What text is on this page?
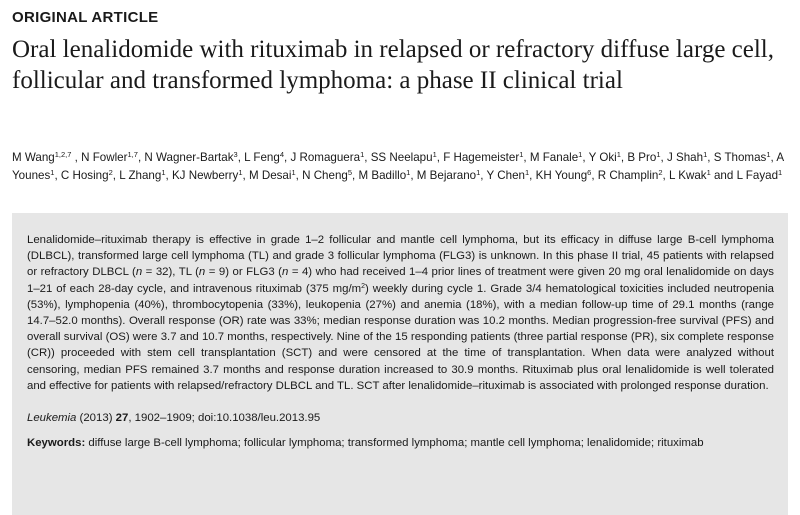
ORIGINAL ARTICLE
Oral lenalidomide with rituximab in relapsed or refractory diffuse large cell, follicular and transformed lymphoma: a phase II clinical trial
M Wang$^{1,2,7}$ , N Fowler$^{1,7}$, N Wagner-Bartak$^3$, L Feng$^4$, J Romaguera$^1$, SS Neelapu$^1$, F Hagemeister$^1$, M Fanale$^1$, Y Oki$^1$, B Pro$^1$, J Shah$^1$, S Thomas$^1$, A Younes$^1$, C Hosing$^2$, L Zhang$^1$, KJ Newberry$^1$, M Desai$^1$, N Cheng$^5$, M Badillo$^1$, M Bejarano$^1$, Y Chen$^1$, KH Young$^6$, R Champlin$^2$, L Kwak$^1$ and L Fayad$^1$

Lenalidomide–rituximab therapy is effective in grade 1–2 follicular and mantle cell lymphoma, but its efficacy in diffuse large B-cell lymphoma (DLBCL), transformed large cell lymphoma (TL) and grade 3 follicular lymphoma (FLG3) is unknown. In this phase II trial, 45 patients with relapsed or refractory DLBCL (n = 32), TL (n = 9) or FLG3 (n = 4) who had received 1–4 prior lines of treatment were given 20 mg oral lenalidomide on days 1–21 of each 28-day cycle, and intravenous rituximab (375 $mg/m^2$) weekly during cycle 1. Grade 3/4 hematological toxicities included neutropenia (53%), lymphopenia (40%), thrombocytopenia (33%), leukopenia (27%) and anemia (18%), with a median follow-up time of 29.1 months (range 14.7–52.0 months). Overall response (OR) rate was 33%; median response duration was 10.2 months. Median progression-free survival (PFS) and overall survival (OS) were 3.7 and 10.7 months, respectively. Nine of the 15 responding patients (three partial response (PR), six complete response (CR)) proceeded with stem cell transplantation (SCT) and were censored at the time of transplantation. When data were analyzed without censoring, median PFS remained 3.7 months and response duration increased to 30.9 months. Rituximab plus oral lenalidomide is well tolerated and effective for patients with relapsed/refractory DLBCL and TL. SCT after lenalidomide–rituximab is associated with prolonged response duration.

Leukemia (2013) 27, 1902–1909; doi:10.1038/leu.2013.95
Keywords: diffuse large B-cell lymphoma; follicular lymphoma; transformed lymphoma; mantle cell lymphoma; lenalidomide; rituximab
